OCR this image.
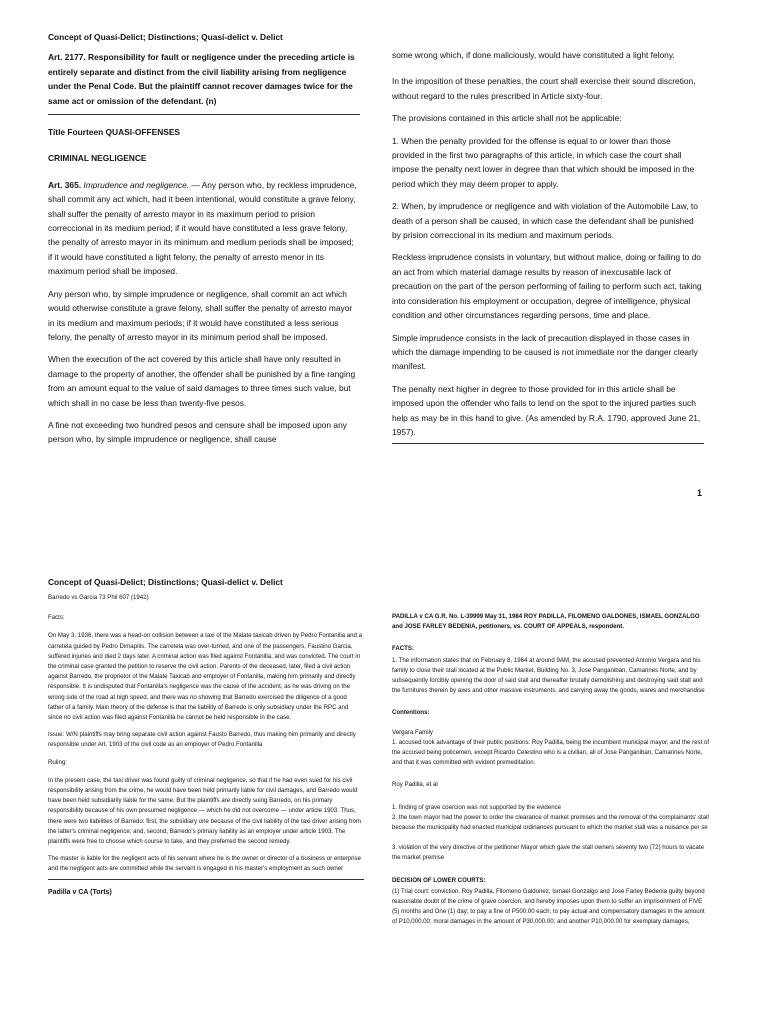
Concept of Quasi-Delict; Distinctions; Quasi-delict v. Delict

Art. 2177. Responsibility for fault or negligence under the preceding article is entirely separate and distinct from the civil liability arising from negligence under the Penal Code. But the plaintiff cannot recover damages twice for the same act or omission of the defendant. (n)

Title Fourteen QUASI-OFFENSES

CRIMINAL NEGLIGENCE

Art. 365. Imprudence and negligence. — Any person who, by reckless imprudence, shall commit any act which, had it been intentional, would constitute a grave felony, shall suffer the penalty of arresto mayor in its maximum period to prision correccional in its medium period; if it would have constituted a less grave felony, the penalty of arresto mayor in its minimum and medium periods shall be imposed; if it would have constituted a light felony, the penalty of arresto menor in its maximum period shall be imposed.

Any person who, by simple imprudence or negligence, shall commit an act which would otherwise constitute a grave felony, shall suffer the penalty of arresto mayor in its medium and maximum periods; if it would have constituted a less serious felony, the penalty of arresto mayor in its minimum period shall be imposed.

When the execution of the act covered by this article shall have only resulted in damage to the property of another, the offender shall be punished by a fine ranging from an amount equal to the value of said damages to three times such value, but which shall in no case be less than twenty-five pesos.

A fine not exceeding two hundred pesos and censure shall be imposed upon any person who, by simple imprudence or negligence, shall cause

some wrong which, if done maliciously, would have constituted a light felony.

In the imposition of these penalties, the court shall exercise their sound discretion, without regard to the rules prescribed in Article sixty-four.

The provisions contained in this article shall not be applicable:

1. When the penalty provided for the offense is equal to or lower than those provided in the first two paragraphs of this article, in which case the court shall impose the penalty next lower in degree than that which should be imposed in the period which they may deem proper to apply.

2. When, by imprudence or negligence and with violation of the Automobile Law, to death of a person shall be caused, in which case the defendant shall be punished by prision correccional in its medium and maximum periods.

Reckless imprudence consists in voluntary, but without malice, doing or failing to do an act from which material damage results by reason of inexcusable lack of precaution on the part of the person performing of failing to perform such act, taking into consideration his employment or occupation, degree of intelligence, physical condition and other circumstances regarding persons, time and place.

Simple imprudence consists in the lack of precaution displayed in those cases in which the damage impending to be caused is not immediate nor the danger clearly manifest.

The penalty next higher in degree to those provided for in this article shall be imposed upon the offender who fails to lend on the spot to the injured parties such help as may be in this hand to give. (As amended by R.A. 1790, approved June 21, 1957).

1

Concept of Quasi-Delict; Distinctions; Quasi-delict v. Delict

Barredo vs Garcia 73 Phil 607 (1942)

Facts:

On May 3, 1936, there was a head-on collision between a taxi of the Malate taxicab driven by Pedro Fontanilla and a carretela guided by Pedro Dimapilis. The carretela was over-turned, and one of the passengers, Faustino Garcia, suffered injuries and died 2 days later. A criminal action was filed against Fontanilla, and was convicted. The court in the criminal case granted the petition to reserve the civil action. Parents of the deceased, later, filed a civil action against Barredo, the proprietor of the Malate Taxicab and employer of Fontanilla, making him primarily and directly responsible. It is undisputed that Fontanilla's negligence was the cause of the accident, as he was driving on the wrong side of the road at high speed, and there was no showing that Barredo exercised the diligence of a good father of a family. Main theory of the defense is that the liability of Barredo is only subsidiary under the RPC and since no civil action was filed against Fontanilla he cannot be held responsible in the case.

Issue: W/N plaintiffs may bring separate civil action against Fausto Barredo, thus making him primarily and directly responsible under Art. 1903 of the civil code as an employer of Pedro Fontanilla

Ruling:

In the present case, the taxi driver was found guilty of criminal negligence, so that if he had even sued for his civil responsibility arising from the crime, he would have been held primarily liable for civil damages, and Barredo would have been held subsidiarily liable for the same. But the plaintiffs are directly suing Barredo, on his primary responsibility because of his own presumed negligence — which he did not overcome — under article 1903. Thus, there were two liabilities of Barredo: first, the subsidiary one because of the civil liability of the taxi driver arising from the latter's criminal negligence; and, second, Barredo's primary liability as an employer under article 1903. The plaintiffs were free to choose which course to take, and they preferred the second remedy.

The master is liable for the negligent acts of his servant where he is the owner or director of a business or enterprise and the negligent acts are committed while the servant is engaged in his master's employment as such owner

Padilla v CA (Torts)

PADILLA v CA G.R. No. L-39999 May 31, 1984 ROY PADILLA, FILOMENO GALDONES, ISMAEL GONZALGO and JOSE FARLEY BEDENIA, petitioners, vs. COURT OF APPEALS, respondent.

FACTS:

1. The information states that on February 8, 1964 at around 9AM, the accused prevented Antonio Vergara and his family to close their stall located at the Public Market, Building No. 3, Jose Panganiban, Camarines Norte, and by subsequently forcibly opening the door of said stall and thereafter brutally demolishing and destroying said stall and the furnitures therein by axes and other massive instruments, and carrying away the goods, wares and merchandise

Contentions:

Vergara Family

1. accused took advantage of their public positions: Roy Padilla, being the incumbent municipal mayor, and the rest of the accused being policemen, except Ricardo Celestino who is a civilian, all of Jose Panganiban, Camarines Norte, and that it was committed with evident premeditation.

Roy Padilla, et al

1. finding of grave coercion was not supported by the evidence

2. the town mayor had the power to order the clearance of market premises and the removal of the complainants' stall because the municipality had enacted municipal ordinances pursuant to which the market stall was a nuisance per se

3. violation of the very directive of the petitioner Mayor which gave the stall owners seventy two (72) hours to vacate the market premise

DECISION OF LOWER COURTS:

(1) Trial court: conviction. Roy Padilla, Filomeno Galdonez, Ismael Gonzalgo and Jose Farley Bedenia guilty beyond reasonable doubt of the crime of grave coercion, and hereby imposes upon them to suffer an imprisonment of FIVE (5) months and One (1) day; to pay a fine of P500.00 each; to pay actual and compensatory damages in the amount of P10,000.00; moral damages in the amount of P30,000.00; and another P10,000.00 for exemplary damages,
